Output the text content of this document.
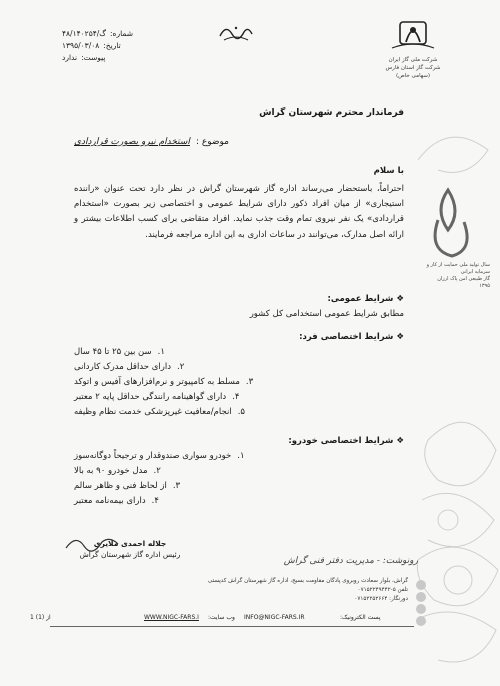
شماره:
گ/۴۸/۱۴۰۲۵۴
تاریخ:
۱۳۹۵/۰۳/۰۸
پیوست:
ندارد	شرکت ملی گاز ایران
شرکت گاز استان فارس
(سهامی خاص)
سال تولید ملی حمایت از کار و سرمایه ایرانی
گاز طبیعی امن پاک ارزان
۱۳۹۵
فرماندار محترم شهرستان گراش
موضوع :
استخدام نیرو بصورت قراردادی
با سلام
احتراماً، باستحضار می‌رساند اداره گاز شهرستان گراش در نظر دارد تحت عنوان «راننده استیجاری» از میان افراد ذکور دارای شرایط عمومی و اختصاصی زیر بصورت «استخدام قراردادی» یک نفر نیروی تمام وقت جذب نماید. افراد متقاضی برای کسب اطلاعات بیشتر و ارائه اصل مدارک، می‌توانند در ساعات اداری به این اداره مراجعه فرمایند.
❖ شرایط عمومی:
مطابق شرایط عمومی استخدامی کل کشور
❖ شرایط اختصاصی فرد:
سن بین ۲۵ تا ۴۵ سال ۱.
دارای حداقل مدرک کاردانی ۲.
مسلط به کامپیوتر و نرم‌افزارهای آفیس و اتوکد ۳.
دارای گواهینامه رانندگی حداقل پایه ۲ معتبر ۴.
انجام/معافیت غیرپزشکی خدمت نظام وظیفه ۵.
❖ شرایط اختصاصی خودرو:
خودرو سواری صندوقدار و ترجیحاً دوگانه‌سوز ۱.
مدل خودرو ۹۰ به بالا ۲.
از لحاظ فنی و ظاهر سالم ۳.
دارای بیمه‌نامه معتبر ۴.
جلاله احمدی ملایری
رئیس اداره گاز شهرستان گراش
رونوشت: - مدیریت دفتر فنی گراش
گراش، بلوار سعادت روبروی پادگان مقاومت بسیج، اداره گاز شهرستان گراش کدپستی
تلفن ۵-۰۷۱۵۲۲۴۹۴۴۲
دورنگار: ۰۷۱۵۲۲۵۲۶۶۴
1 از (1)	WWW.NIGC-FARS.I وب سایت: INFO@NIGC-FARS.IR	پست الکترونیک:
